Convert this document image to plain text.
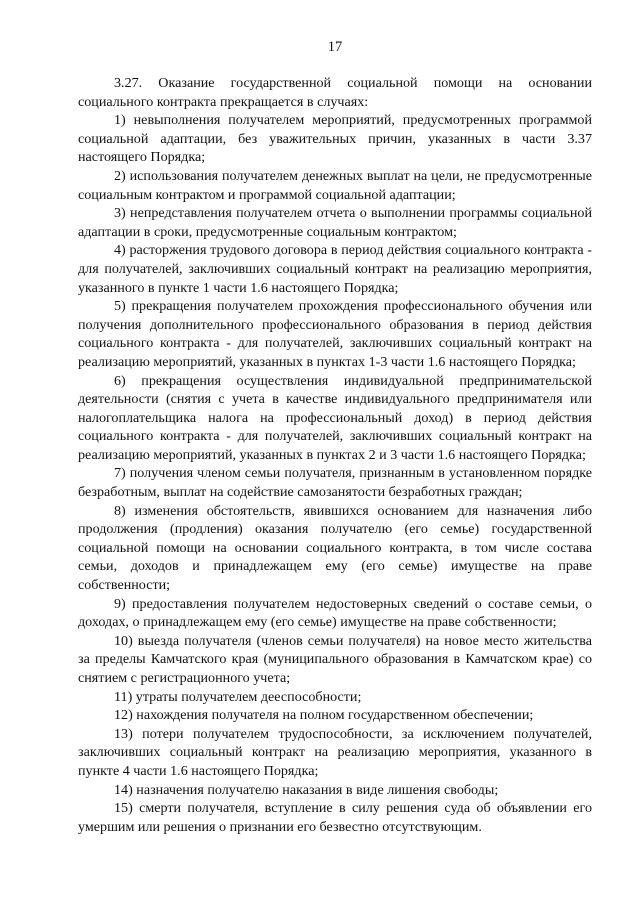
17

3.27. Оказание государственной социальной помощи на основании социального контракта прекращается в случаях:

1) невыполнения получателем мероприятий, предусмотренных программой социальной адаптации, без уважительных причин, указанных в части 3.37 настоящего Порядка;

2) использования получателем денежных выплат на цели, не предусмотренные социальным контрактом и программой социальной адаптации;

3) непредставления получателем отчета о выполнении программы социальной адаптации в сроки, предусмотренные социальным контрактом;

4) расторжения трудового договора в период действия социального контракта - для получателей, заключивших социальный контракт на реализацию мероприятия, указанного в пункте 1 части 1.6 настоящего Порядка;

5) прекращения получателем прохождения профессионального обучения или получения дополнительного профессионального образования в период действия социального контракта - для получателей, заключивших социальный контракт на реализацию мероприятий, указанных в пунктах 1-3 части 1.6 настоящего Порядка;

6) прекращения осуществления индивидуальной предпринимательской деятельности (снятия с учета в качестве индивидуального предпринимателя или налогоплательщика налога на профессиональный доход) в период действия социального контракта - для получателей, заключивших социальный контракт на реализацию мероприятий, указанных в пунктах 2 и 3 части 1.6 настоящего Порядка;

7) получения членом семьи получателя, признанным в установленном порядке безработным, выплат на содействие самозанятости безработных граждан;

8) изменения обстоятельств, явившихся основанием для назначения либо продолжения (продления) оказания получателю (его семье) государственной социальной помощи на основании социального контракта, в том числе состава семьи, доходов и принадлежащем ему (его семье) имуществе на праве собственности;

9) предоставления получателем недостоверных сведений о составе семьи, о доходах, о принадлежащем ему (его семье) имуществе на праве собственности;

10) выезда получателя (членов семьи получателя) на новое место жительства за пределы Камчатского края (муниципального образования в Камчатском крае) со снятием с регистрационного учета;

11) утраты получателем дееспособности;

12) нахождения получателя на полном государственном обеспечении;

13) потери получателем трудоспособности, за исключением получателей, заключивших социальный контракт на реализацию мероприятия, указанного в пункте 4 части 1.6 настоящего Порядка;

14) назначения получателю наказания в виде лишения свободы;

15) смерти получателя, вступление в силу решения суда об объявлении его умершим или решения о признании его безвестно отсутствующим.
